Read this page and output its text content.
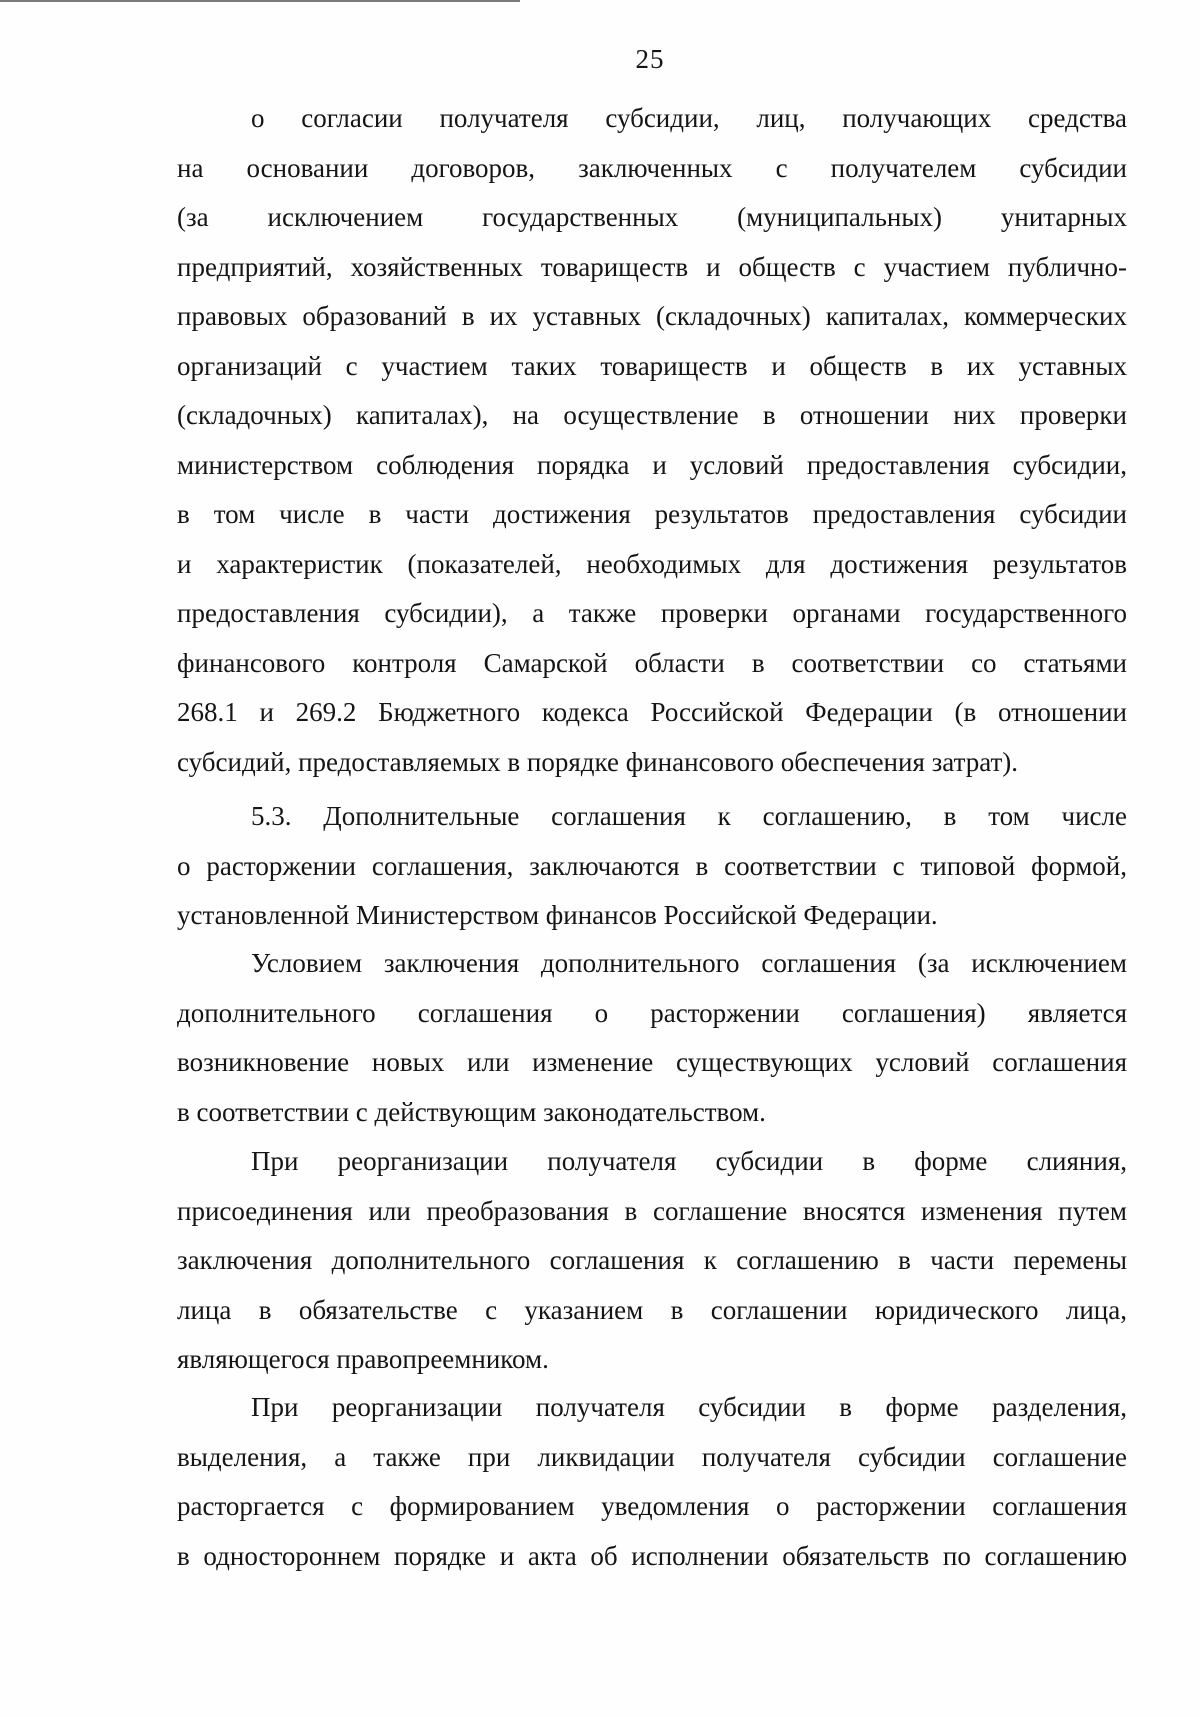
25
о согласии получателя субсидии, лиц, получающих средства
на основании договоров, заключенных с получателем субсидии
(за исключением государственных (муниципальных) унитарных
предприятий, хозяйственных товариществ и обществ с участием публично-
правовых образований в их уставных (складочных) капиталах, коммерческих
организаций с участием таких товариществ и обществ в их уставных
(складочных) капиталах), на осуществление в отношении них проверки
министерством соблюдения порядка и условий предоставления субсидии,
в том числе в части достижения результатов предоставления субсидии
и характеристик (показателей, необходимых для достижения результатов
предоставления субсидии), а также проверки органами государственного
финансового контроля Самарской области в соответствии со статьями
268.1 и 269.2 Бюджетного кодекса Российской Федерации (в отношении
субсидий, предоставляемых в порядке финансового обеспечения затрат).
5.3. Дополнительные соглашения к соглашению, в том числе
о расторжении соглашения, заключаются в соответствии с типовой формой,
установленной Министерством финансов Российской Федерации.
Условием заключения дополнительного соглашения (за исключением
дополнительного соглашения о расторжении соглашения) является
возникновение новых или изменение существующих условий соглашения
в соответствии с действующим законодательством.
При реорганизации получателя субсидии в форме слияния,
присоединения или преобразования в соглашение вносятся изменения путем
заключения дополнительного соглашения к соглашению в части перемены
лица в обязательстве с указанием в соглашении юридического лица,
являющегося правопреемником.
При реорганизации получателя субсидии в форме разделения,
выделения, а также при ликвидации получателя субсидии соглашение
расторгается с формированием уведомления о расторжении соглашения
в одностороннем порядке и акта об исполнении обязательств по соглашению
